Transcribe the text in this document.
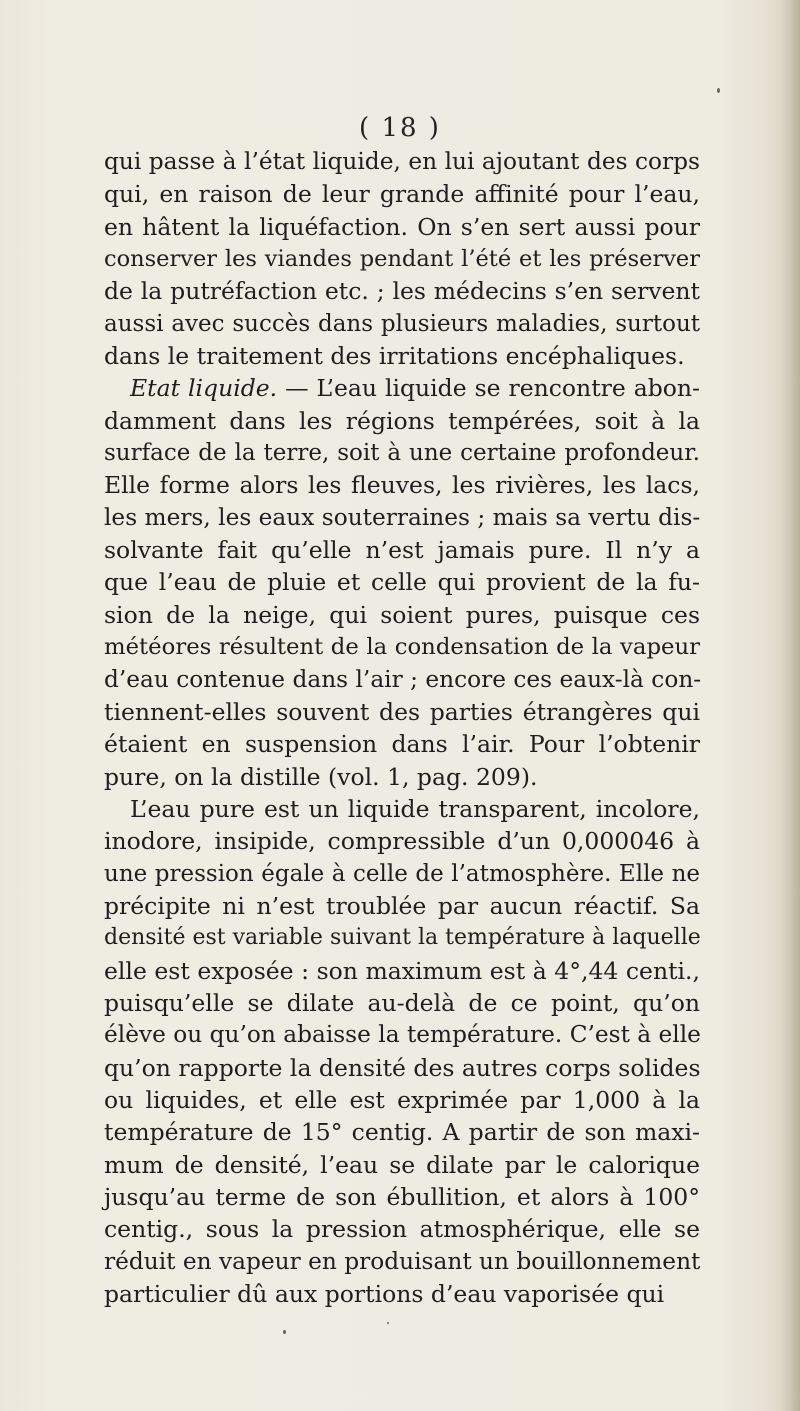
( 18 )
qui passe à l’état liquide, en lui ajoutant des corps
qui, en raison de leur grande affinité pour l’eau,
en hâtent la liquéfaction. On s’en sert aussi pour
conserver les viandes pendant l’été et les préserver
de la putréfaction etc. ; les médecins s’en servent
aussi avec succès dans plusieurs maladies, surtout
dans le traitement des irritations encéphaliques.
Etat liquide. — L’eau liquide se rencontre abon-
damment dans les régions tempérées, soit à la
surface de la terre, soit à une certaine profondeur.
Elle forme alors les fleuves, les rivières, les lacs,
les mers, les eaux souterraines ; mais sa vertu dis-
solvante fait qu’elle n’est jamais pure. Il n’y a
que l’eau de pluie et celle qui provient de la fu-
sion de la neige, qui soient pures, puisque ces
météores résultent de la condensation de la vapeur
d’eau contenue dans l’air ; encore ces eaux-là con-
tiennent-elles souvent des parties étrangères qui
étaient en suspension dans l’air. Pour l’obtenir
pure, on la distille (vol. 1, pag. 209).
L’eau pure est un liquide transparent, incolore,
inodore, insipide, compressible d’un 0,000046 à
une pression égale à celle de l’atmosphère. Elle ne
précipite ni n’est troublée par aucun réactif. Sa
densité est variable suivant la température à laquelle
elle est exposée : son maximum est à 4°,44 centi.,
puisqu’elle se dilate au-delà de ce point, qu’on
élève ou qu’on abaisse la température. C’est à elle
qu’on rapporte la densité des autres corps solides
ou liquides, et elle est exprimée par 1,000 à la
température de 15° centig. A partir de son maxi-
mum de densité, l’eau se dilate par le calorique
jusqu’au terme de son ébullition, et alors à 100°
centig., sous la pression atmosphérique, elle se
réduit en vapeur en produisant un bouillonnement
particulier dû aux portions d’eau vaporisée qui
